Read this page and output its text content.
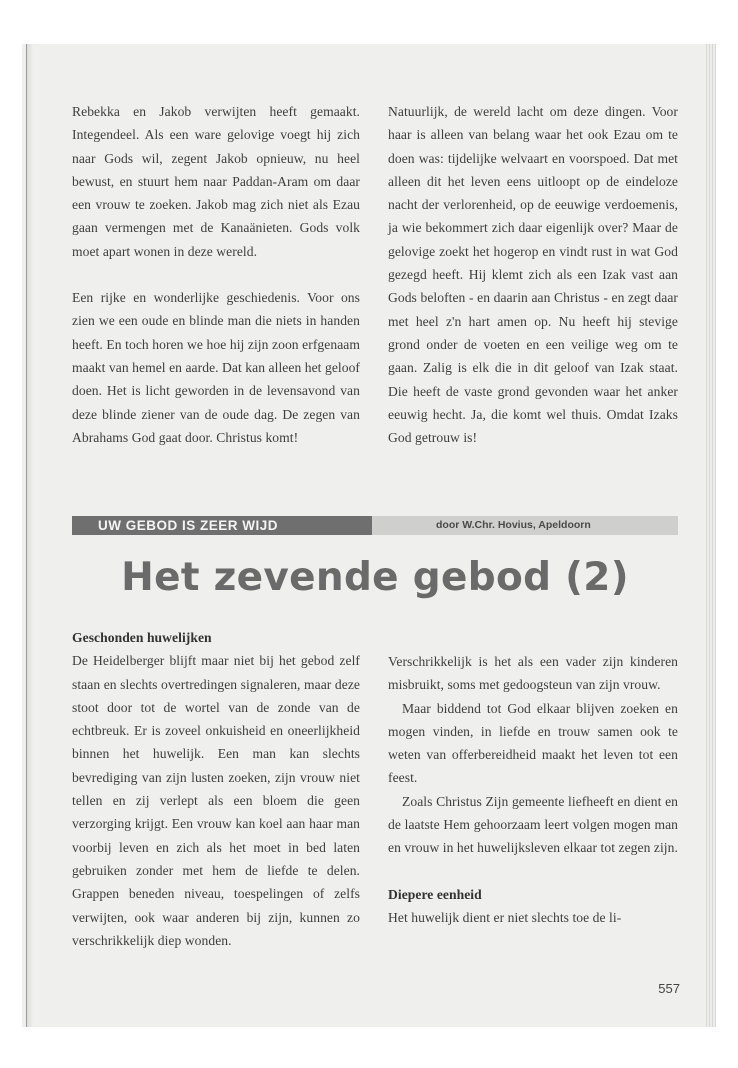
Rebekka en Jakob verwijten heeft gemaakt. Integendeel. Als een ware gelovige voegt hij zich naar Gods wil, zegent Jakob opnieuw, nu heel bewust, en stuurt hem naar Paddan-Aram om daar een vrouw te zoeken. Jakob mag zich niet als Ezau gaan vermengen met de Kanaänieten. Gods volk moet apart wonen in deze wereld.

Een rijke en wonderlijke geschiedenis. Voor ons zien we een oude en blinde man die niets in handen heeft. En toch horen we hoe hij zijn zoon erfgenaam maakt van hemel en aarde. Dat kan alleen het geloof doen. Het is licht geworden in de levensavond van deze blinde ziener van de oude dag. De zegen van Abrahams God gaat door. Christus komt!

Natuurlijk, de wereld lacht om deze dingen. Voor haar is alleen van belang waar het ook Ezau om te doen was: tijdelijke welvaart en voorspoed. Dat met alleen dit het leven eens uitloopt op de eindeloze nacht der verlorenheid, op de eeuwige verdoemenis, ja wie bekommert zich daar eigenlijk over? Maar de gelovige zoekt het hogerop en vindt rust in wat God gezegd heeft. Hij klemt zich als een Izak vast aan Gods beloften - en daarin aan Christus - en zegt daar met heel z'n hart amen op. Nu heeft hij stevige grond onder de voeten en een veilige weg om te gaan. Zalig is elk die in dit geloof van Izak staat. Die heeft de vaste grond gevonden waar het anker eeuwig hecht. Ja, die komt wel thuis. Omdat Izaks God getrouw is!

UW GEBOD IS ZEER WIJD	door W.Chr. Hovius, Apeldoorn
Het zevende gebod (2)

Geschonden huwelijken

De Heidelberger blijft maar niet bij het gebod zelf staan en slechts overtredingen signaleren, maar deze stoot door tot de wortel van de zonde van de echtbreuk. Er is zoveel onkuisheid en oneerlijkheid binnen het huwelijk. Een man kan slechts bevrediging van zijn lusten zoeken, zijn vrouw niet tellen en zij verlept als een bloem die geen verzorging krijgt. Een vrouw kan koel aan haar man voorbij leven en zich als het moet in bed laten gebruiken zonder met hem de liefde te delen. Grappen beneden niveau, toespelingen of zelfs verwijten, ook waar anderen bij zijn, kunnen zo verschrikkelijk diep wonden.

Verschrikkelijk is het als een vader zijn kinderen misbruikt, soms met gedoogsteun van zijn vrouw.

Maar biddend tot God elkaar blijven zoeken en mogen vinden, in liefde en trouw samen ook te weten van offerbereidheid maakt het leven tot een feest.

Zoals Christus Zijn gemeente liefheeft en dient en de laatste Hem gehoorzaam leert volgen mogen man en vrouw in het huwelijksleven elkaar tot zegen zijn.

Diepere eenheid

Het huwelijk dient er niet slechts toe de li-

557
